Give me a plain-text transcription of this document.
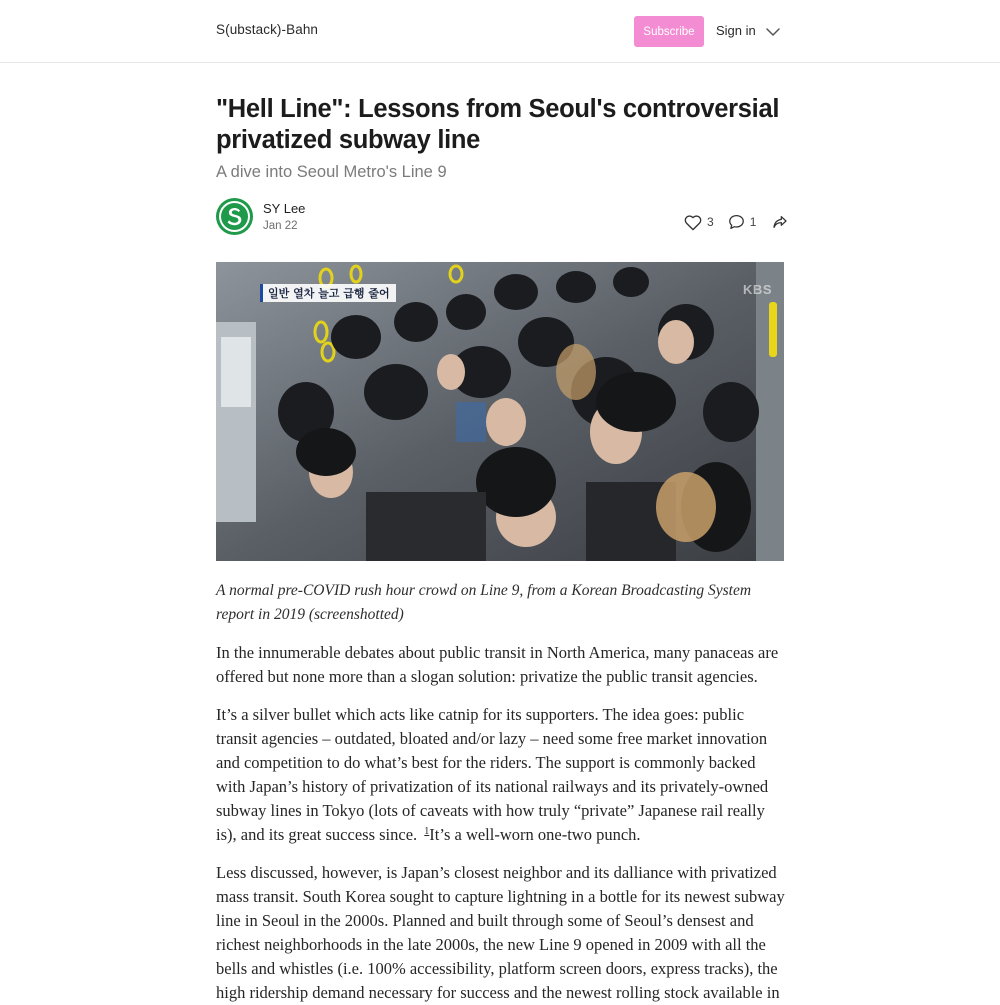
S(ubstack)-Bahn	Subscribe	Sign in
"Hell Line": Lessons from Seoul's controversial privatized subway line

A dive into Seoul Metro's Line 9

SY Lee
Jan 22	3	1
일반 열차 늘고 급행 줄어	KBS

A normal pre-COVID rush hour crowd on Line 9, from a Korean Broadcasting System report in 2019 (screenshotted)

In the innumerable debates about public transit in North America, many panaceas are offered but none more than a slogan solution: privatize the public transit agencies.

It’s a silver bullet which acts like catnip for its supporters. The idea goes: public transit agencies – outdated, bloated and/or lazy – need some free market innovation and competition to do what’s best for the riders. The support is commonly backed with Japan’s history of privatization of its national railways and its privately-owned subway lines in Tokyo (lots of caveats with how truly “private” Japanese rail really is), and its great success since. $^1$It’s a well-worn one-two punch.

Less discussed, however, is Japan’s closest neighbor and its dalliance with privatized mass transit. South Korea sought to capture lightning in a bottle for its newest subway line in Seoul in the 2000s. Planned and built through some of Seoul’s densest and richest neighborhoods in the late 2000s, the new Line 9 opened in 2009 with all the bells and whistles (i.e. 100% accessibility, platform screen doors, express tracks), the high ridership demand necessary for success and the newest rolling stock available in
